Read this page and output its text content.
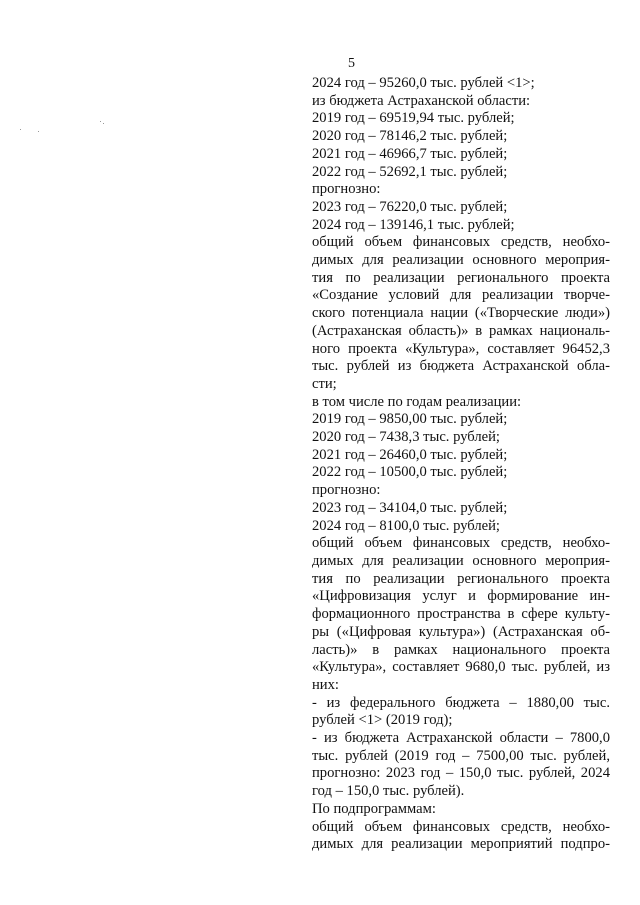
5
2024 год – 95260,0 тыс. рублей <1>;
из бюджета Астраханской области:
2019 год – 69519,94 тыс. рублей;
2020 год – 78146,2 тыс. рублей;
2021 год – 46966,7 тыс. рублей;
2022 год – 52692,1 тыс. рублей;
прогнозно:
2023 год – 76220,0 тыс. рублей;
2024 год – 139146,1 тыс. рублей;
общий объем финансовых средств, необхо-
димых для реализации основного мероприя-
тия по реализации регионального проекта
«Создание условий для реализации творче-
ского потенциала нации («Творческие люди»)
(Астраханская область)» в рамках националь-
ного проекта «Культура», составляет 96452,3
тыс. рублей из бюджета Астраханской обла-
сти;
в том числе по годам реализации:
2019 год – 9850,00 тыс. рублей;
2020 год – 7438,3 тыс. рублей;
2021 год – 26460,0 тыс. рублей;
2022 год – 10500,0 тыс. рублей;
прогнозно:
2023 год – 34104,0 тыс. рублей;
2024 год – 8100,0 тыс. рублей;
общий объем финансовых средств, необхо-
димых для реализации основного мероприя-
тия по реализации регионального проекта
«Цифровизация услуг и формирование ин-
формационного пространства в сфере культу-
ры («Цифровая культура») (Астраханская об-
ласть)» в рамках национального проекта
«Культура», составляет 9680,0 тыс. рублей, из
них:
- из федерального бюджета – 1880,00 тыс.
рублей <1> (2019 год);
- из бюджета Астраханской области – 7800,0
тыс. рублей (2019 год – 7500,00 тыс. рублей,
прогнозно: 2023 год – 150,0 тыс. рублей, 2024
год – 150,0 тыс. рублей).
По подпрограммам:
общий объем финансовых средств, необхо-
димых для реализации мероприятий подпро-
